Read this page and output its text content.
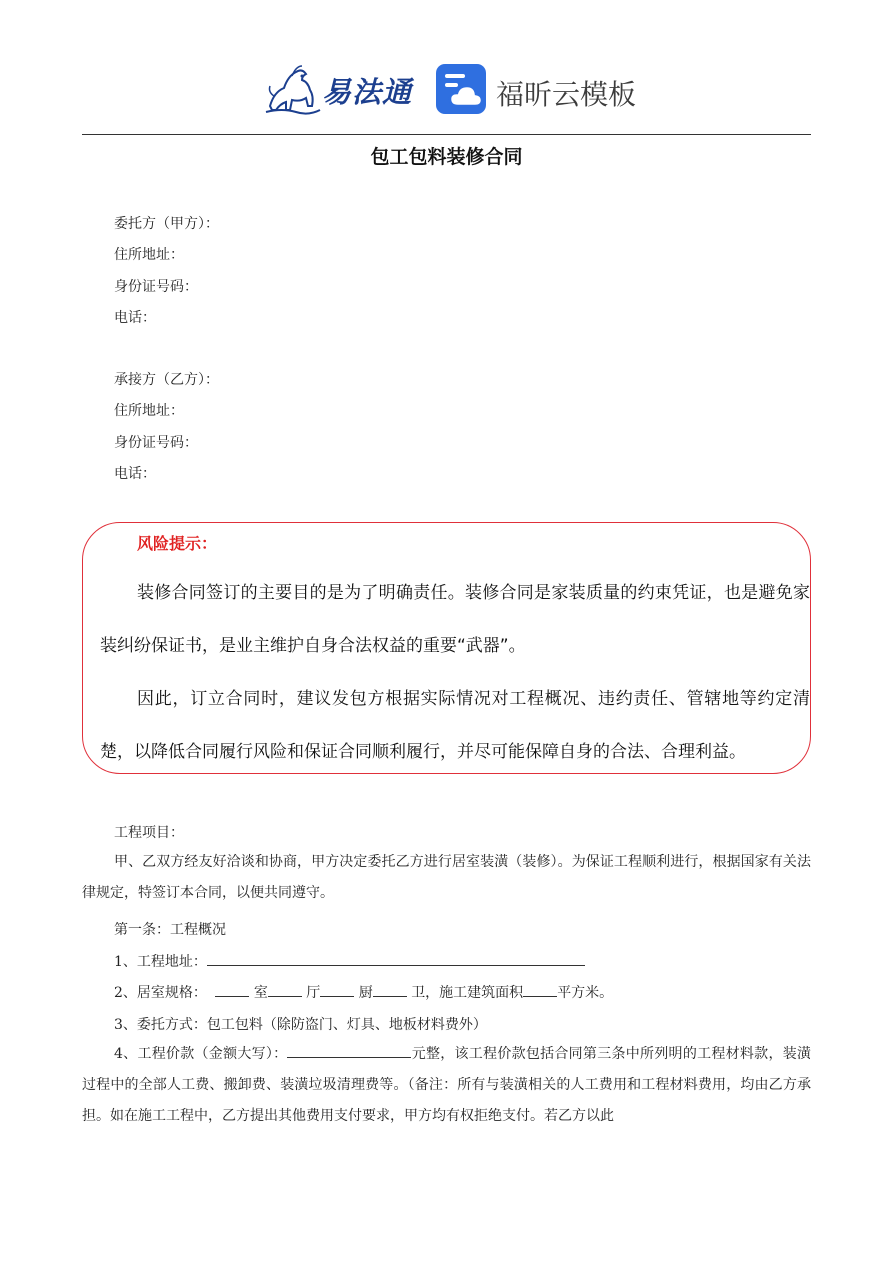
易法通	福昕云模板
包工包料装修合同
委托方（甲方）：
住所地址：
身份证号码：
电话：
承接方（乙方）：
住所地址：
身份证号码：
电话：
风险提示：
装修合同签订的主要目的是为了明确责任。装修合同是家装质量的约束凭证，也是避免家装纠纷保证书，是业主维护自身合法权益的重要“武器”。
因此，订立合同时，建议发包方根据实际情况对工程概况、违约责任、管辖地等约定清楚，以降低合同履行风险和保证合同顺利履行，并尽可能保障自身的合法、合理利益。
工程项目：
甲、乙双方经友好洽谈和协商，甲方决定委托乙方进行居室装潢（装修）。为保证工程顺利进行，根据国家有关法律规定，特签订本合同，以便共同遵守。
第一条：工程概况
1、工程地址：
2、居室规格：	室	厅	厨	卫，施工建筑面积 平方米。
3、委托方式：包工包料（除防盗门、灯具、地板材料费外）
4、工程价款（金额大写）：	元整，该工程价款包括合同第三条中所列明的工程材料款，装潢过程中的全部人工费、搬卸费、装潢垃圾清理费等。（备注：所有与装潢相关的人工费用和工程材料费用，均由乙方承担。如在施工工程中，乙方提出其他费用支付要求，甲方均有权拒绝支付。若乙方以此
